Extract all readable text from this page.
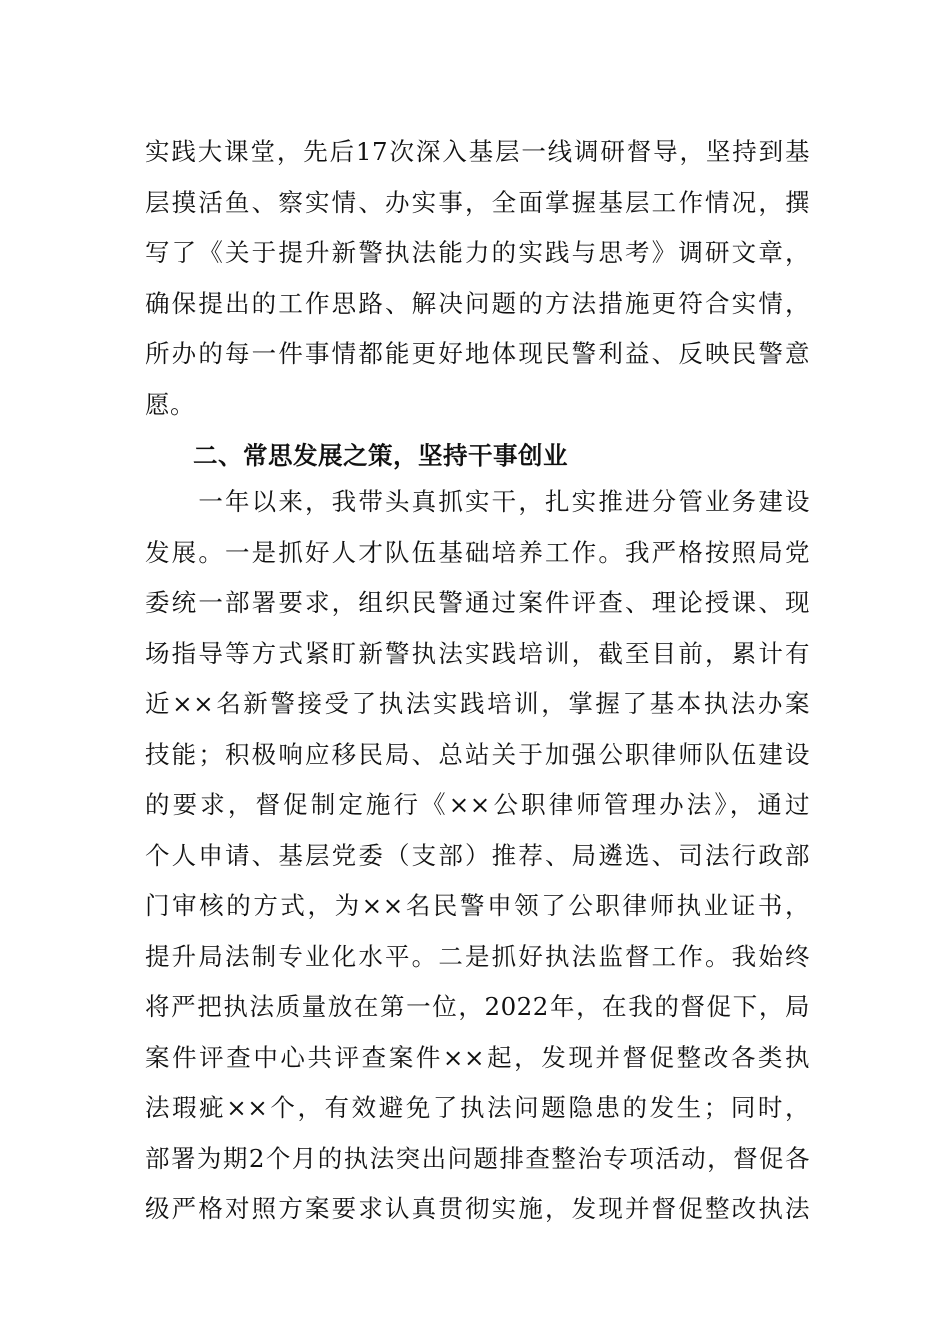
实践大课堂，先后17次深入基层一线调研督导，坚持到基
层摸活鱼、察实情、办实事，全面掌握基层工作情况，撰
写了《关于提升新警执法能力的实践与思考》调研文章，
确保提出的工作思路、解决问题的方法措施更符合实情，
所办的每一件事情都能更好地体现民警利益、反映民警意
愿。
二、常思发展之策，坚持干事创业
　　一年以来，我带头真抓实干，扎实推进分管业务建设
发展。一是抓好人才队伍基础培养工作。我严格按照局党
委统一部署要求，组织民警通过案件评查、理论授课、现
场指导等方式紧盯新警执法实践培训，截至目前，累计有
近××名新警接受了执法实践培训，掌握了基本执法办案
技能；积极响应移民局、总站关于加强公职律师队伍建设
的要求，督促制定施行《××公职律师管理办法》，通过
个人申请、基层党委（支部）推荐、局遴选、司法行政部
门审核的方式，为××名民警申领了公职律师执业证书，
提升局法制专业化水平。二是抓好执法监督工作。我始终
将严把执法质量放在第一位，2022年，在我的督促下，局
案件评查中心共评查案件××起，发现并督促整改各类执
法瑕疵××个，有效避免了执法问题隐患的发生；同时，
部署为期2个月的执法突出问题排查整治专项活动，督促各
级严格对照方案要求认真贯彻实施，发现并督促整改执法
